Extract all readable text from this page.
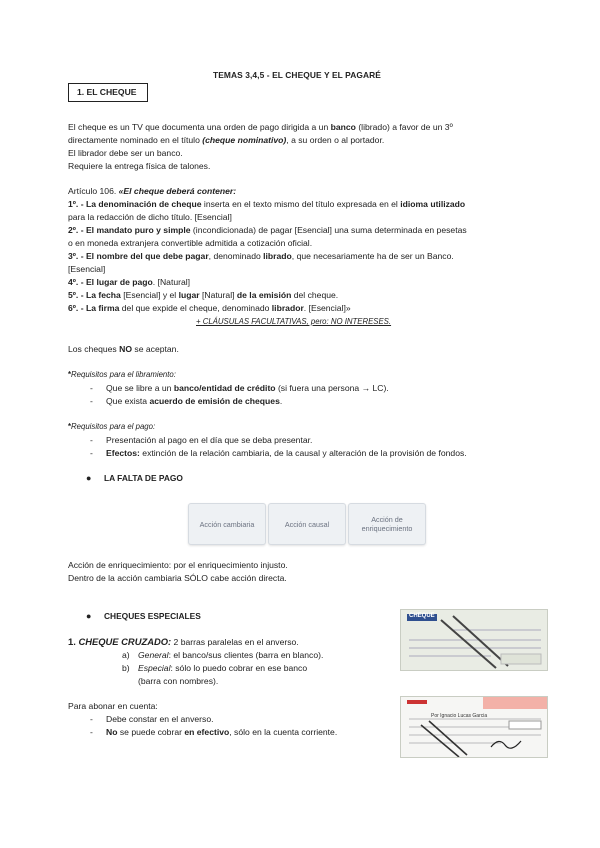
TEMAS 3,4,5 - EL CHEQUE Y EL PAGARÉ
1. EL CHEQUE
El cheque es un TV que documenta una orden de pago dirigida a un banco (librado) a favor de un 3º
directamente nominado en el título (cheque nominativo), a su orden o al portador.
El librador debe ser un banco.
Requiere la entrega física de talones.
Artículo 106. «El cheque deberá contener:
1º. - La denominación de cheque inserta en el texto mismo del título expresada en el idioma utilizado
para la redacción de dicho título. [Esencial]
2º. - El mandato puro y simple (incondicionada) de pagar [Esencial] una suma determinada en pesetas
o en moneda extranjera convertible admitida a cotización oficial.
3º. - El nombre del que debe pagar, denominado librado, que necesariamente ha de ser un Banco.
[Esencial]
4º. - El lugar de pago. [Natural]
5º. - La fecha [Esencial] y el lugar [Natural] de la emisión del cheque.
6º. - La firma del que expide el cheque, denominado librador. [Esencial]»
+ CLÁUSULAS FACULTATIVAS, pero: NO INTERESES.
Los cheques NO se aceptan.
*Requisitos para el libramiento:
- Que se libre a un banco/entidad de crédito (si fuera una persona → LC).
- Que exista acuerdo de emisión de cheques.
*Requisitos para el pago:
- Presentación al pago en el día que se deba presentar.
- Efectos: extinción de la relación cambiaria, de la causal y alteración de la provisión de fondos.
● LA FALTA DE PAGO
Acción cambiaria	Acción causal	Acción de enriquecimiento
Acción de enriquecimiento: por el enriquecimiento injusto.
Dentro de la acción cambiaria SÓLO cabe acción directa.
● CHEQUES ESPECIALES
1. CHEQUE CRUZADO: 2 barras paralelas en el anverso.
a) General: el banco/sus clientes (barra en blanco).
b) Especial: sólo lo puedo cobrar en ese banco
(barra con nombres).
Para abonar en cuenta:
- Debe constar en el anverso.
- No se puede cobrar en efectivo, sólo en la cuenta corriente.
CHEQUE
Por Ignacio Lucas Garcia
